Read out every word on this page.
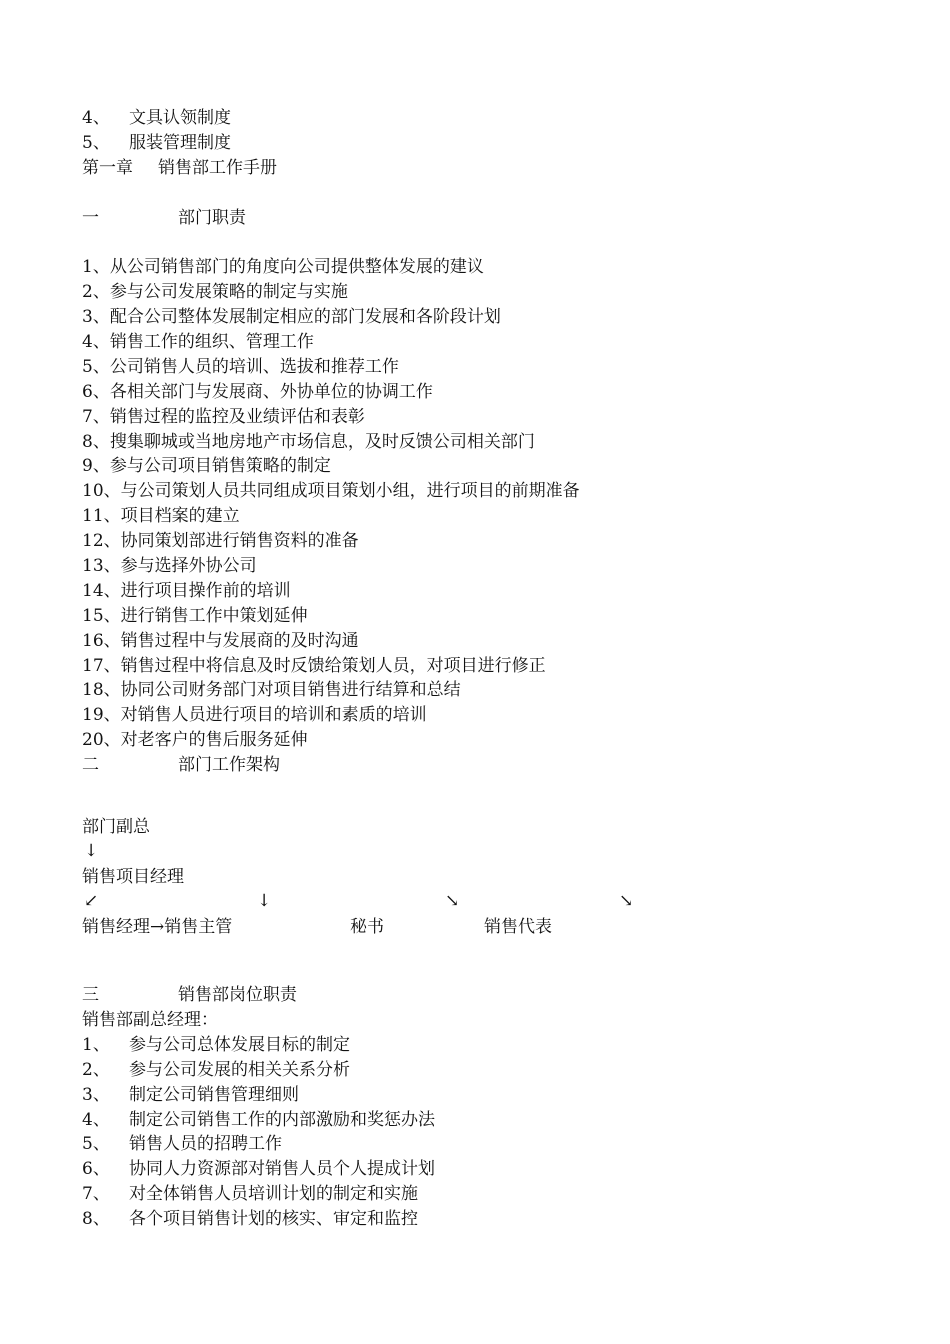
4、 文具认领制度
5、 服装管理制度
第一章 销售部工作手册
一	部门职责
1、从公司销售部门的角度向公司提供整体发展的建议
2、参与公司发展策略的制定与实施
3、配合公司整体发展制定相应的部门发展和各阶段计划
4、销售工作的组织、管理工作
5、公司销售人员的培训、选拔和推荐工作
6、各相关部门与发展商、外协单位的协调工作
7、销售过程的监控及业绩评估和表彰
8、搜集聊城或当地房地产市场信息，及时反馈公司相关部门
9、参与公司项目销售策略的制定
10、与公司策划人员共同组成项目策划小组，进行项目的前期准备
11、项目档案的建立
12、协同策划部进行销售资料的准备
13、参与选择外协公司
14、进行项目操作前的培训
15、进行销售工作中策划延伸
16、销售过程中与发展商的及时沟通
17、销售过程中将信息及时反馈给策划人员，对项目进行修正
18、协同公司财务部门对项目销售进行结算和总结
19、对销售人员进行项目的培训和素质的培训
20、对老客户的售后服务延伸
二	部门工作架构
部门副总
↓
销售项目经理
↙	↓	↘	↘
销售经理→销售主管	秘书	销售代表
三	销售部岗位职责
销售部副总经理：
1、 参与公司总体发展目标的制定
2、 参与公司发展的相关关系分析
3、 制定公司销售管理细则
4、 制定公司销售工作的内部激励和奖惩办法
5、 销售人员的招聘工作
6、 协同人力资源部对销售人员个人提成计划
7、 对全体销售人员培训计划的制定和实施
8、 各个项目销售计划的核实、审定和监控
